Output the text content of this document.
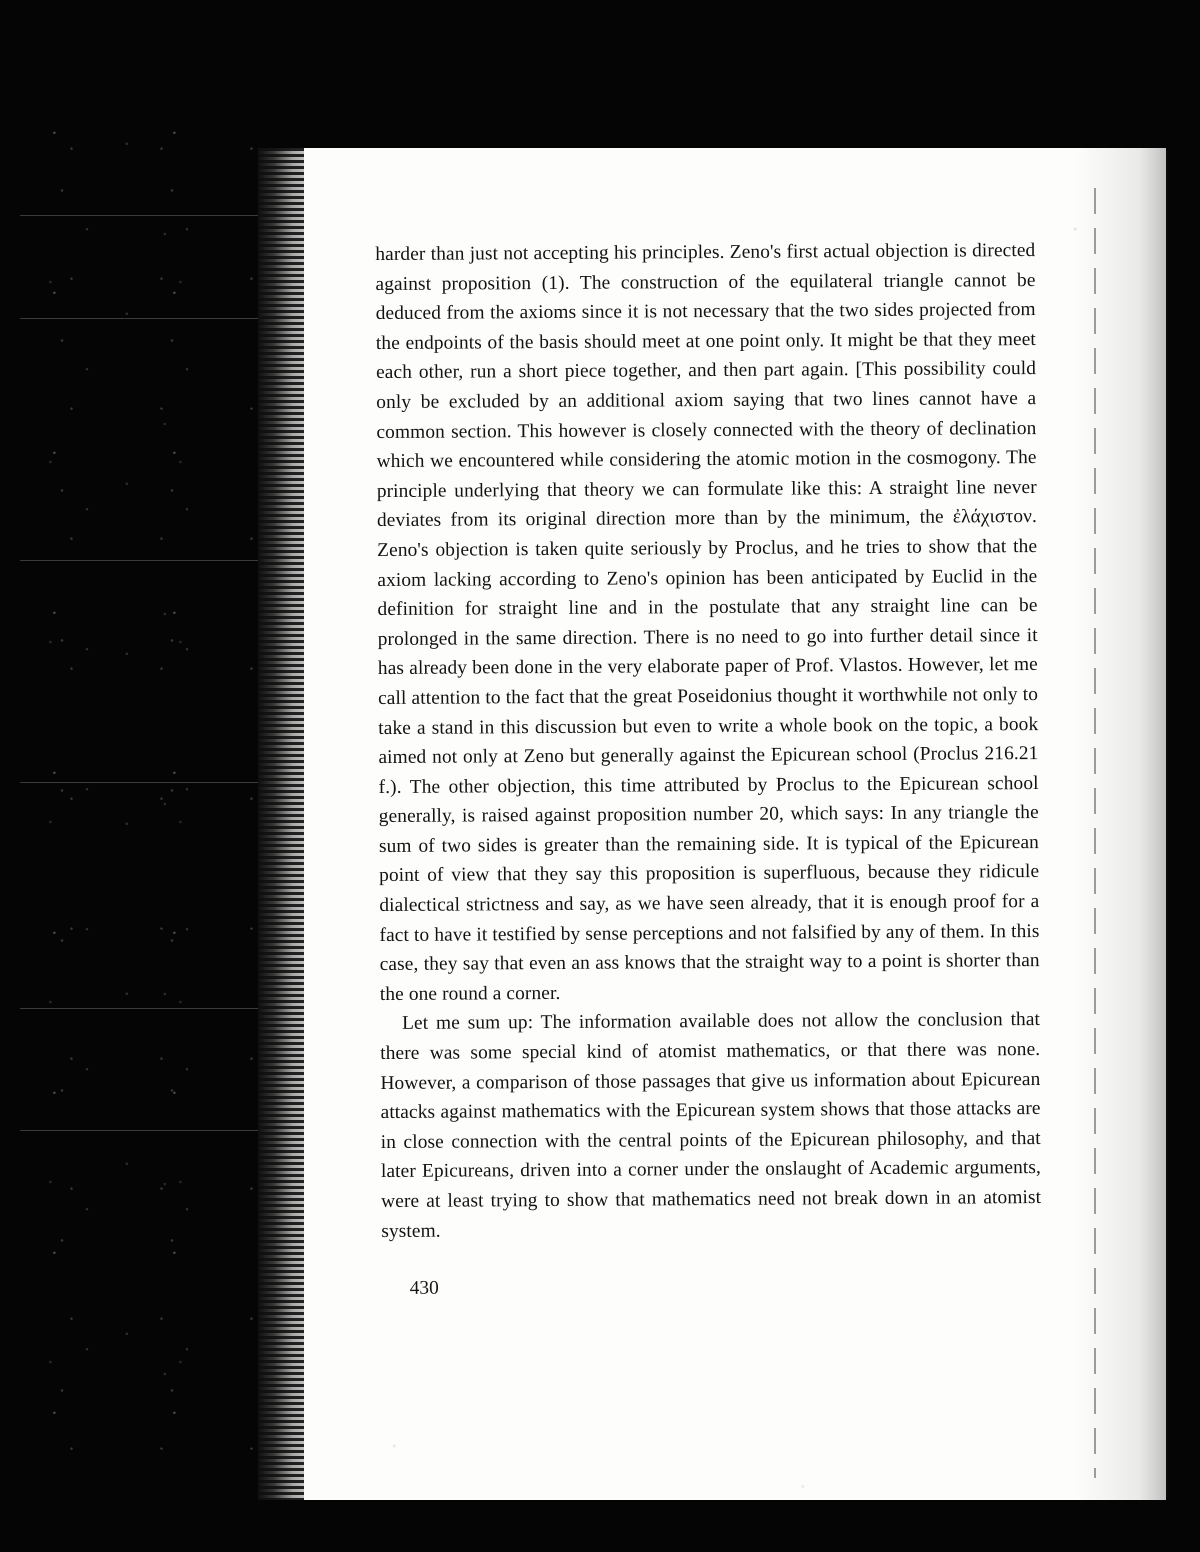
harder than just not accepting his principles. Zeno's first actual objection is directed against proposition (1). The construction of the equilateral triangle cannot be deduced from the axioms since it is not necessary that the two sides projected from the endpoints of the basis should meet at one point only. It might be that they meet each other, run a short piece together, and then part again. [This possibility could only be excluded by an additional axiom saying that two lines cannot have a common section. This however is closely connected with the theory of declination which we encountered while considering the atomic motion in the cosmogony. The principle underlying that theory we can formulate like this: A straight line never deviates from its original direction more than by the minimum, the ἐλάχιστον. Zeno's objection is taken quite seriously by Proclus, and he tries to show that the axiom lacking according to Zeno's opinion has been anticipated by Euclid in the definition for straight line and in the postulate that any straight line can be prolonged in the same direction. There is no need to go into further detail since it has already been done in the very elaborate paper of Prof. Vlastos. However, let me call attention to the fact that the great Poseidonius thought it worthwhile not only to take a stand in this discussion but even to write a whole book on the topic, a book aimed not only at Zeno but generally against the Epicurean school (Proclus 216.21 f.). The other objection, this time attributed by Proclus to the Epicurean school generally, is raised against proposition number 20, which says: In any triangle the sum of two sides is greater than the remaining side. It is typical of the Epicurean point of view that they say this proposition is superfluous, because they ridicule dialectical strictness and say, as we have seen already, that it is enough proof for a fact to have it testified by sense perceptions and not falsified by any of them. In this case, they say that even an ass knows that the straight way to a point is shorter than the one round a corner.

Let me sum up: The information available does not allow the conclusion that there was some special kind of atomist mathematics, or that there was none. However, a comparison of those passages that give us information about Epicurean attacks against mathematics with the Epicurean system shows that those attacks are in close connection with the central points of the Epicurean philosophy, and that later Epicureans, driven into a corner under the onslaught of Academic arguments, were at least trying to show that mathematics need not break down in an atomist system.

430
